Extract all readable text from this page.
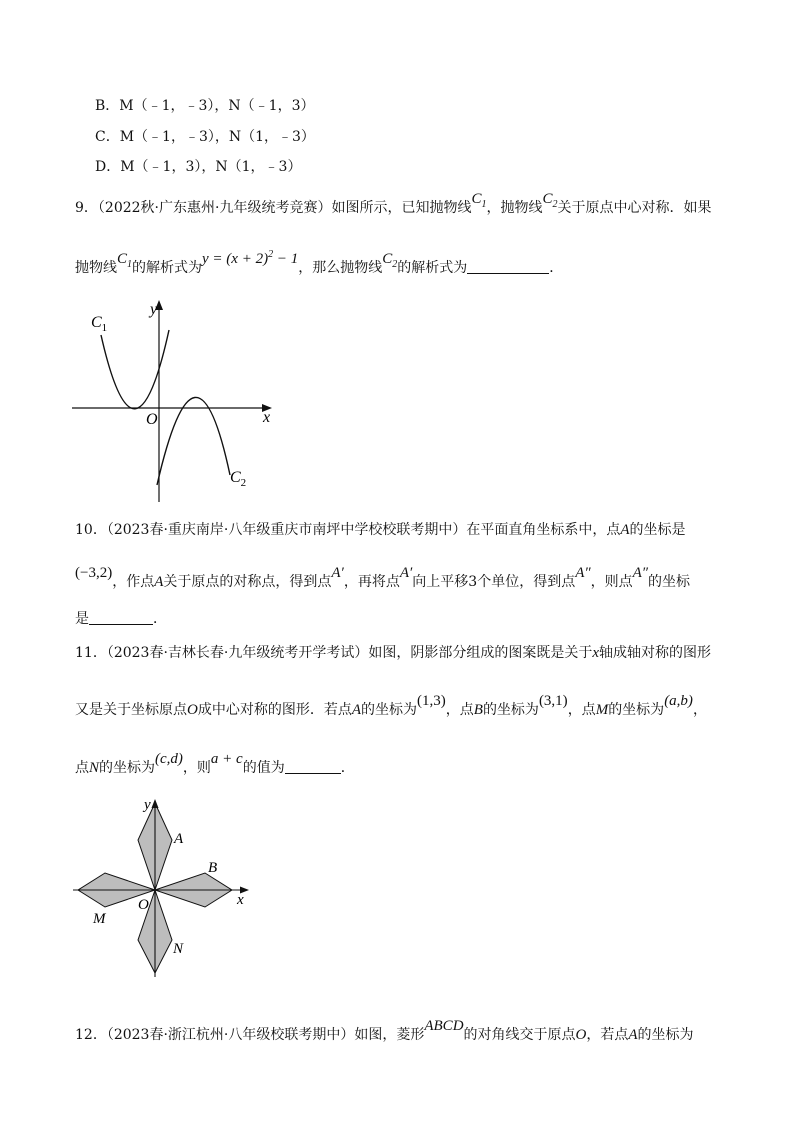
B．M（﹣1，﹣3），N（﹣1，3）
C．M（﹣1，﹣3），N（1，﹣3）
D．M（﹣1，3），N（1，﹣3）
9．（2022秋·广东惠州·九年级统考竞赛）如图所示，已知抛物线$C_1$，抛物线$C_2$关于原点中心对称．如果
抛物线$C_1$的解析式为$y = (x + 2)^2 - 1$，那么抛物线$C_2$的解析式为	．
y
x
O
$C_1$
$C_2$
10．（2023春·重庆南岸·八年级重庆市南坪中学校校联考期中）在平面直角坐标系中，点A的坐标是
(−3,2)，作点A关于原点的对称点，得到点A′，再将点A′向上平移3个单位，得到点A″，则点A″的坐标
是	．
11．（2023春·吉林长春·九年级统考开学考试）如图，阴影部分组成的图案既是关于x轴成轴对称的图形
又是关于坐标原点O成中心对称的图形．若点A的坐标为(1,3)，点B的坐标为(3,1)，点M的坐标为(a,b)，
点N的坐标为(c,d)，则a + c的值为	．
y
x
O
A
B
M
N
12．（2023春·浙江杭州·八年级校联考期中）如图，菱形ABCD的对角线交于原点O，若点A的坐标为
